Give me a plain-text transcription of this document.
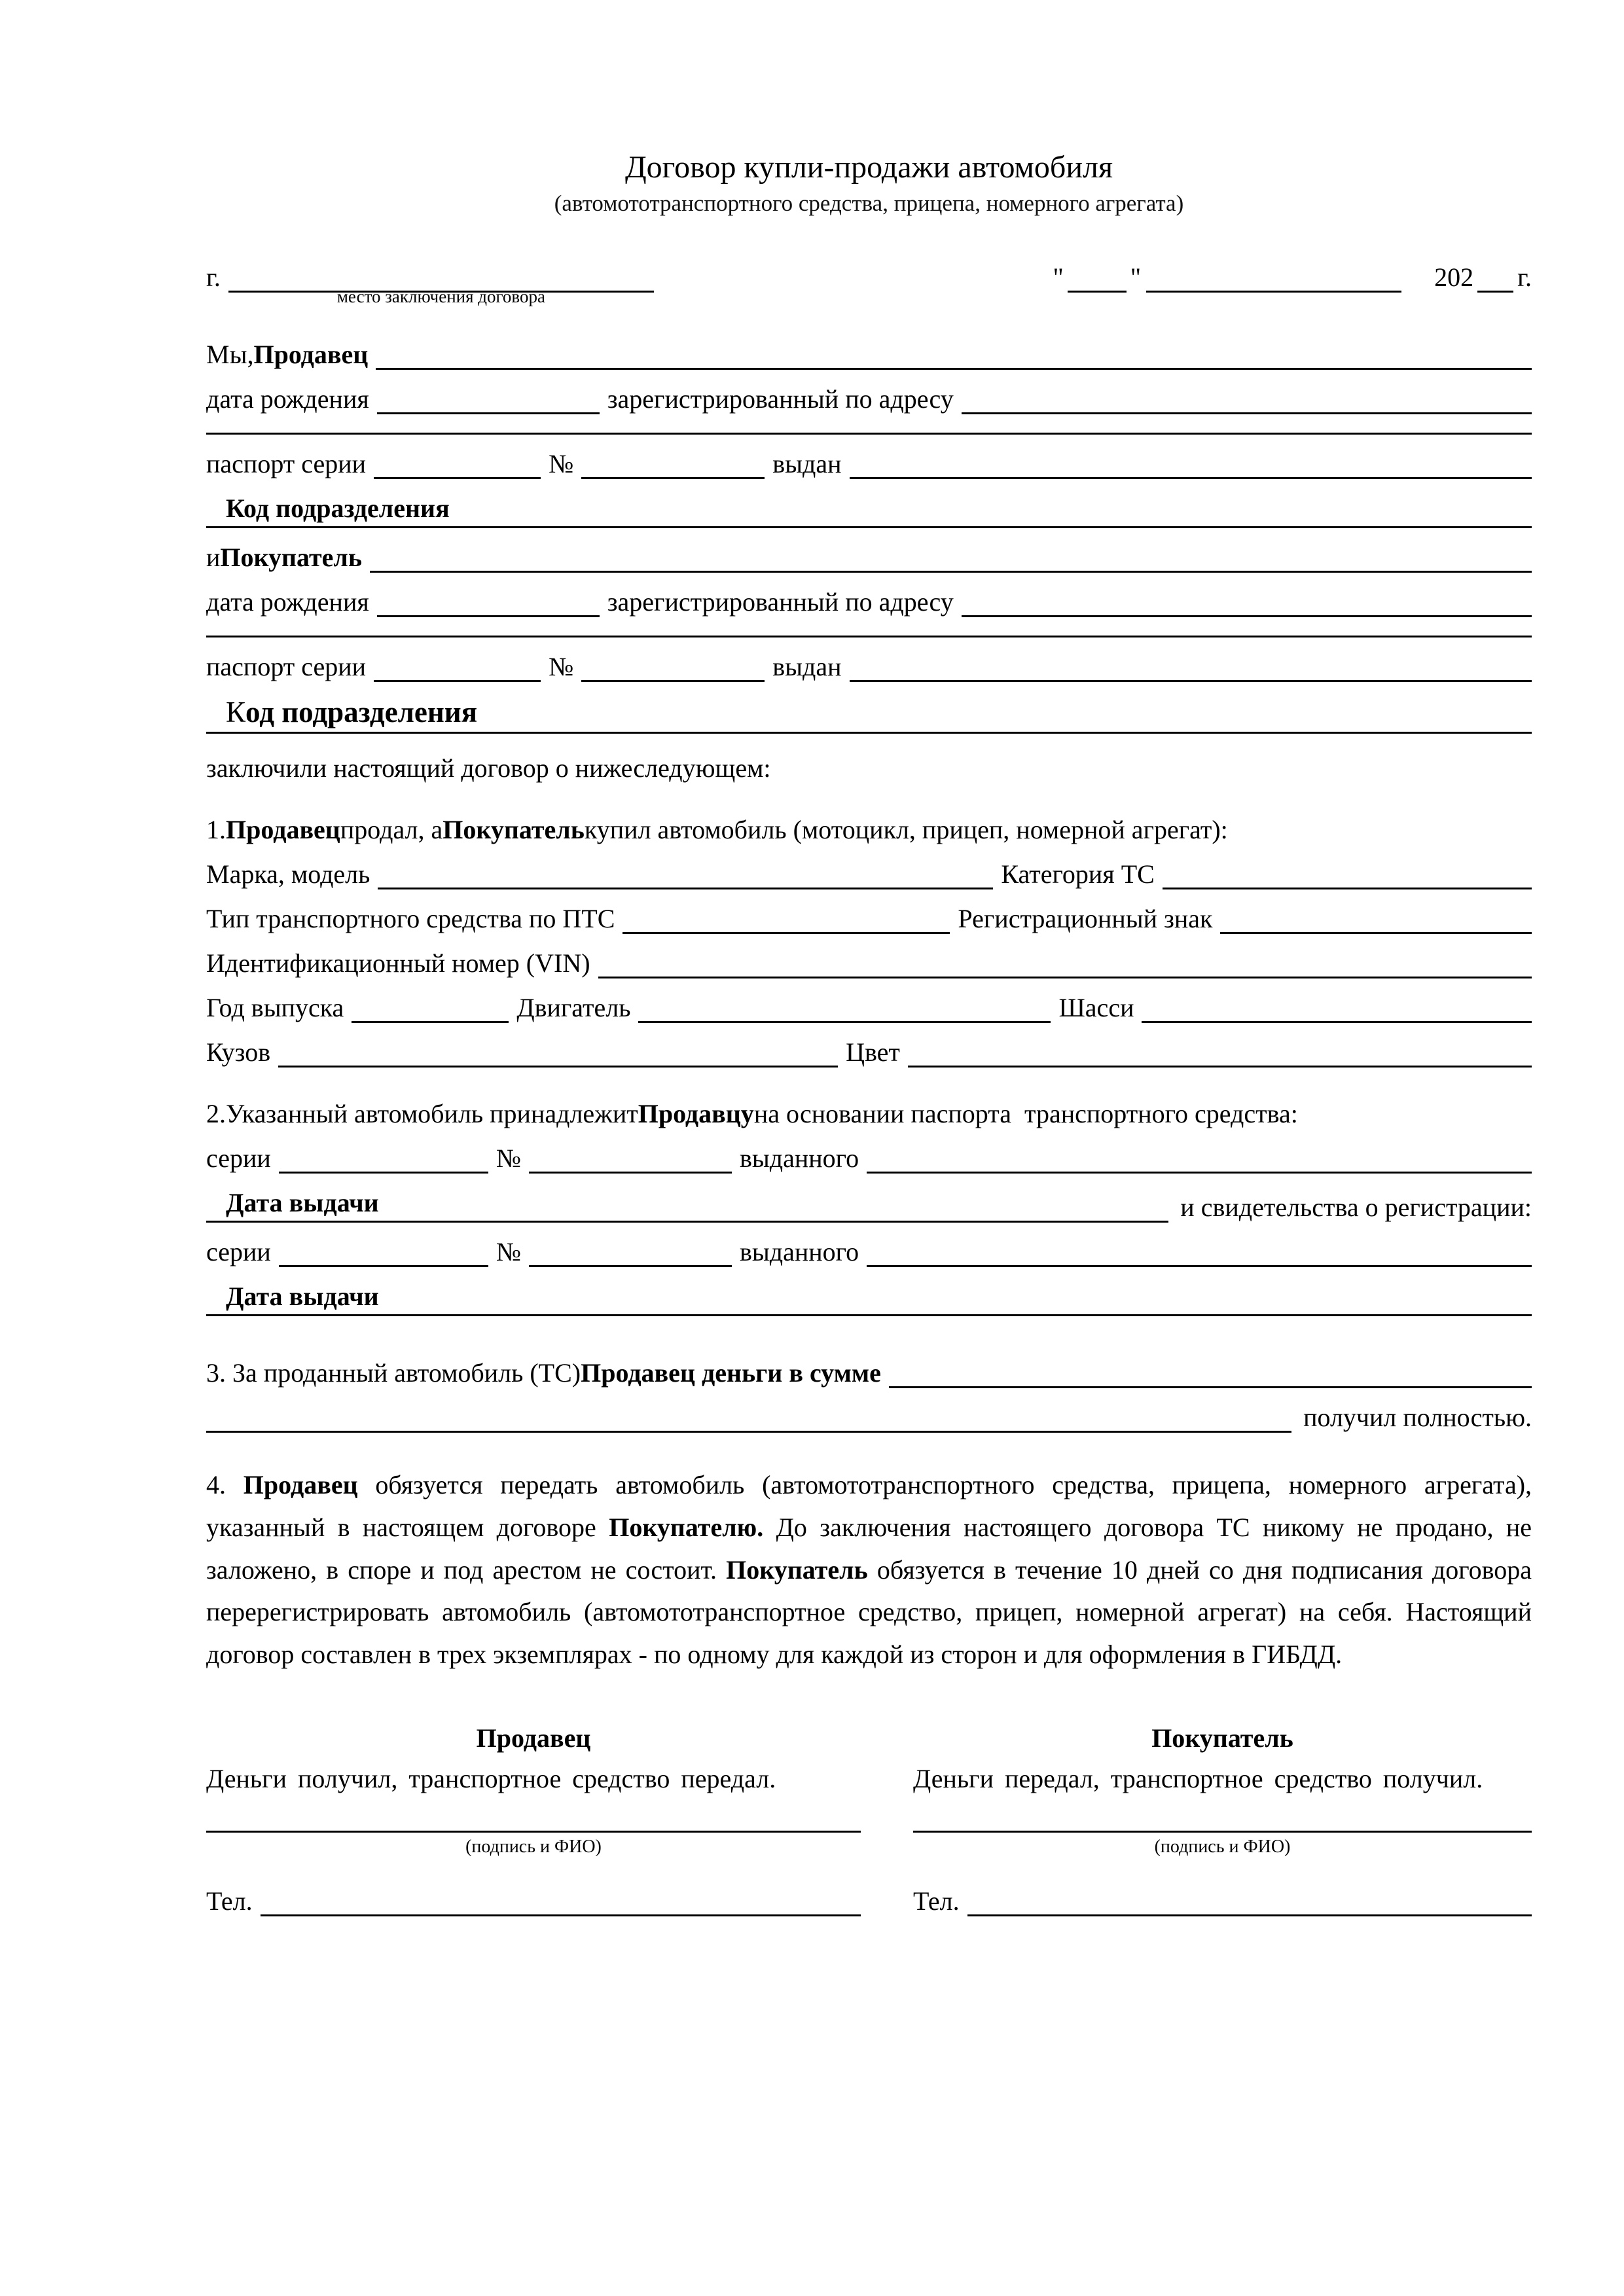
Договор купли-продажи автомобиля
(автомототранспортного средства, прицепа, номерного агрегата)
г.
место заключения договора
"	"	202 г.
Мы, Продавец
дата рождения	зарегистрированный по адресу
паспорт серии	№	выдан
Код подразделения
и Покупатель
дата рождения	зарегистрированный по адресу
паспорт серии	№	выдан
К од подразделения
заключили настоящий договор о нижеследующем:
1. Продавец продал, а Покупатель купил автомобиль (мотоцикл, прицеп, номерной агрегат):
Марка, модель	Категория ТС
Тип транспортного средства по ПТС	Регистрационный знак
Идентификационный номер (VIN)
Год выпуска	Двигатель	Шасси
Кузов	Цвет
2. Указанный автомобиль принадлежит Продавцу на основании паспорта  транспортного средства:
серии	№	выданного
Дата выдачи	и свидетельства о регистрации:
серии	№	выданного
Дата выдачи
3. За проданный автомобиль (ТС) Продавец деньги в сумме
получил полностью.

4. Продавец обязуется передать автомобиль (автомототранспортного средства, прицепа, номерного агрегата), указанный в настоящем договоре Покупателю. До заключения настоящего договора ТС никому не продано, не заложено, в споре и под арестом не состоит. Покупатель обязуется в течение 10 дней со дня подписания договора перерегистрировать автомобиль (автомототранспортное средство, прицеп, номерной агрегат) на себя. Настоящий договор составлен в трех экземплярах - по одному для каждой из сторон и для оформления в ГИБДД.

Продавец
Деньги получил, транспортное средство передал.
(подпись и ФИО)
Тел.
Покупатель
Деньги передал, транспортное средство получил.
(подпись и ФИО)
Тел.
